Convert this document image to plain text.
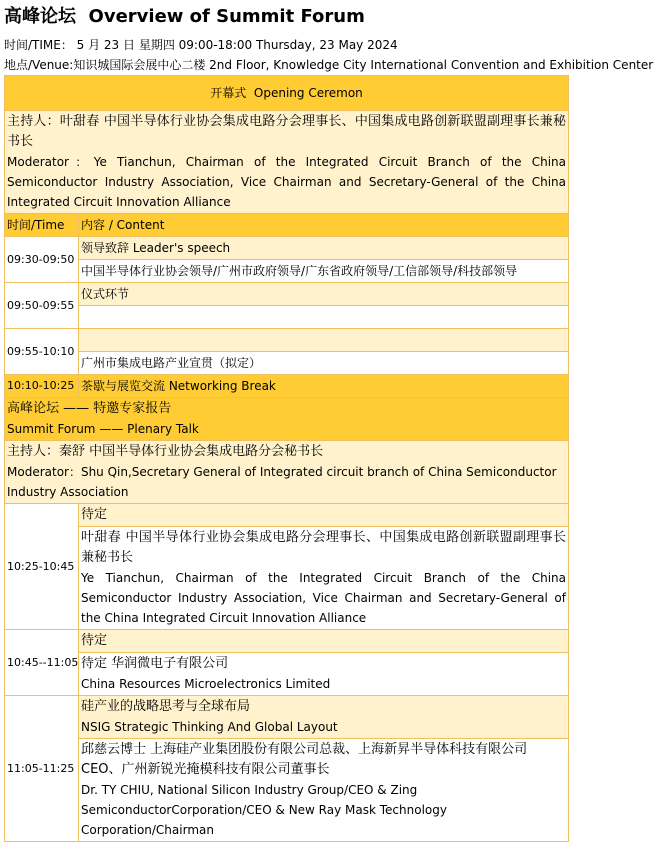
高峰论坛 Overview of Summit Forum
时间/TIME： 5 月 23 日 星期四 09:00-18:00 Thursday, 23 May 2024
地点/Venue:知识城国际会展中心二楼 2nd Floor, Knowledge City International Convention and Exhibition Center
开幕式 Opening Ceremon	

主持人：叶甜春 中国半导体行业协会集成电路分会理事长、中国集成电路创新联盟副理事长兼秘书长
Moderator：Ye Tianchun, Chairman of the Integrated Circuit Branch of the China Semiconductor Industry Association, Vice Chairman and Secretary-General of the China Integrated Circuit Innovation Alliance	

时间/Time	内容 / Content
09:30-09:50	领导致辞 Leader's speech
	中国半导体行业协会领导/广州市政府领导/广东省政府领导/工信部领导/科技部领导
09:50-09:55	仪式环节

09:55-10:10	
	广州市集成电路产业宣贯（拟定）
10:10-10:25	茶歇与展览交流 Networking Break

高峰论坛 —— 特邀专家报告
Summit Forum —— Plenary Talk	

主持人：秦舒 中国半导体行业协会集成电路分会秘书长
Moderator：Shu Qin,Secretary General of Integrated circuit branch of China Semiconductor Industry Association	

10:25-10:45	待定

	叶甜春 中国半导体行业协会集成电路分会理事长、中国集成电路创新联盟副理事长兼秘书长
Ye Tianchun, Chairman of the Integrated Circuit Branch of the China Semiconductor Industry Association, Vice Chairman and Secretary-General of the China Integrated Circuit Innovation Alliance

10:45--11:05	待定

	待定 华润微电子有限公司
China Resources Microelectronics Limited

11:05-11:25	硅产业的战略思考与全球布局
NSIG Strategic Thinking And Global Layout

	邱慈云博士 上海硅产业集团股份有限公司总裁、上海新昇半导体科技有限公司CEO、广州新锐光掩模科技有限公司董事长
Dr. TY CHIU, National Silicon Industry Group/CEO & Zing SemiconductorCorporation/CEO & New Ray Mask Technology Corporation/Chairman
